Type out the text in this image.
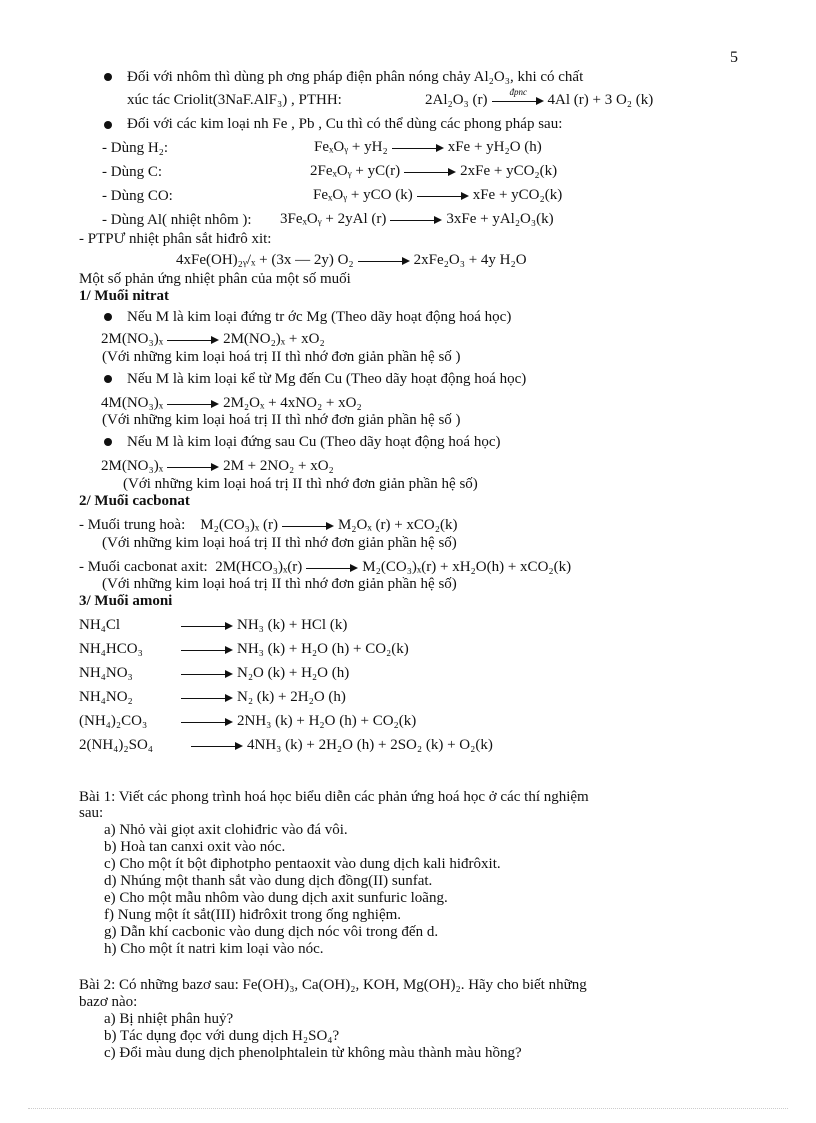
5
Đối với nhôm thì dùng ph ơng pháp điện phân nóng chảy Al₂O₃, khi có chất
xúc tác Criolit(3NaF.AlF₃) , PTHH:	2Al₂O₃ (r)
đpnc
4Al (r) + 3 O₂ (k)
Đối với các kim loại nh Fe , Pb , Cu thì có thể dùng các phong pháp sau:
- Dùng H₂:	FeₓOᵧ + yH₂	xFe + yH₂O (h)
- Dùng C:	2FeₓOᵧ + yC(r)	2xFe + yCO₂(k)
- Dùng CO:	FeₓOᵧ + yCO (k)	xFe + yCO₂(k)
- Dùng Al( nhiệt nhôm ): 3FeₓOᵧ + 2yAl (r)	3xFe + yAl₂O₃(k)
- PTPƯ nhiệt phân sắt hiđrô xit:
4xFe(OH)₂ᵧ/ₓ + (3x — 2y) O₂	2xFe₂O₃ + 4y H₂O
Một số phản ứng nhiệt phân của một số muối
1/ Muối nitrat
Nếu M là kim loại đứng tr ớc Mg (Theo dãy hoạt động hoá học)
2M(NO₃)ₓ	2M(NO₂)ₓ + xO₂
(Với những kim loại hoá trị II thì nhớ đơn giản phần hệ số )
Nếu M là kim loại kể từ Mg đến Cu (Theo dãy hoạt động hoá học)
4M(NO₃)ₓ	2M₂Oₓ + 4xNO₂ + xO₂
(Với những kim loại hoá trị II thì nhớ đơn giản phần hệ số )
Nếu M là kim loại đứng sau Cu (Theo dãy hoạt động hoá học)
2M(NO₃)ₓ	2M + 2NO₂ + xO₂
(Với những kim loại hoá trị II thì nhớ đơn giản phần hệ số)
2/ Muối cacbonat
- Muối trung hoà: M₂(CO₃)ₓ (r)	M₂Oₓ (r) + xCO₂(k)
(Với những kim loại hoá trị II thì nhớ đơn giản phần hệ số)
- Muối cacbonat axit: 2M(HCO₃)ₓ(r)	M₂(CO₃)ₓ(r) + xH₂O(h) + xCO₂(k)
(Với những kim loại hoá trị II thì nhớ đơn giản phần hệ số)
3/ Muối amoni
NH₄Cl	NH₃ (k) + HCl (k)
NH₄HCO₃	NH₃ (k) + H₂O (h) + CO₂(k)
NH₄NO₃	N₂O (k) + H₂O (h)
NH₄NO₂	N₂ (k) + 2H₂O (h)
(NH₄)₂CO₃	2NH₃ (k) + H₂O (h) + CO₂(k)
2(NH₄)₂SO₄	4NH₃ (k) + 2H₂O (h) + 2SO₂ (k) + O₂(k)
Bài 1: Viết các phong trình hoá học biểu diễn các phản ứng hoá học ở các thí nghiệm
sau:
a) Nhỏ vài giọt axit clohiđric vào đá vôi.
b) Hoà tan canxi oxit vào nóc.
c) Cho một ít bột điphotpho pentaoxit vào dung dịch kali hiđrôxit.
d) Nhúng một thanh sắt vào dung dịch đồng(II) sunfat.
e) Cho một mẫu nhôm vào dung dịch axit sunfuric loãng.
f) Nung một ít sắt(III) hiđrôxit trong ống nghiệm.
g) Dẫn khí cacbonic vào dung dịch nóc vôi trong đến d.
h) Cho một ít natri kim loại vào nóc.
Bài 2: Có những bazơ sau: Fe(OH)₃, Ca(OH)₂, KOH, Mg(OH)₂. Hãy cho biết những
bazơ nào:
a) Bị nhiệt phân huỷ?
b) Tác dụng đọc với dung dịch H₂SO₄?
c) Đổi màu dung dịch phenolphtalein từ không màu thành màu hồng?
